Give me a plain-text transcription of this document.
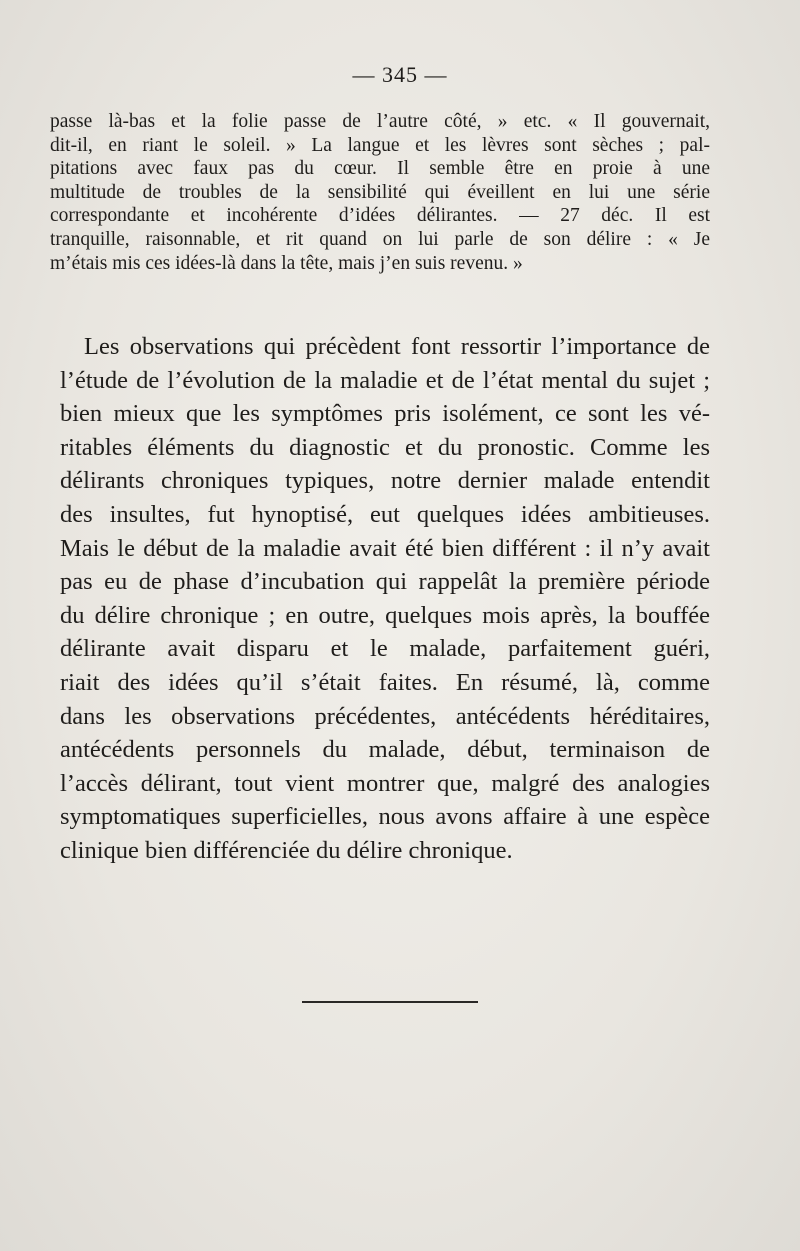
— 345 —
passe là-bas et la folie passe de l’autre côté, » etc. « Il gouvernait,
dit-il, en riant le soleil. » La langue et les lèvres sont sèches ; pal-
pitations avec faux pas du cœur. Il semble être en proie à une
multitude de troubles de la sensibilité qui éveillent en lui une série
correspondante et incohérente d’idées délirantes. — 27 déc. Il est
tranquille, raisonnable, et rit quand on lui parle de son délire : « Je
m’étais mis ces idées-là dans la tête, mais j’en suis revenu. »
Les observations qui précèdent font ressortir l’importance de
l’étude de l’évolution de la maladie et de l’état mental du sujet ;
bien mieux que les symptômes pris isolément, ce sont les vé-
ritables éléments du diagnostic et du pronostic. Comme les
délirants chroniques typiques, notre dernier malade entendit
des insultes, fut hynoptisé, eut quelques idées ambitieuses.
Mais le début de la maladie avait été bien différent : il n’y avait
pas eu de phase d’incubation qui rappelât la première période
du délire chronique ; en outre, quelques mois après, la bouffée
délirante avait disparu et le malade, parfaitement guéri,
riait des idées qu’il s’était faites. En résumé, là, comme
dans les observations précédentes, antécédents héréditaires,
antécédents personnels du malade, début, terminaison de
l’accès délirant, tout vient montrer que, malgré des analogies
symptomatiques superficielles, nous avons affaire à une espèce
clinique bien différenciée du délire chronique.
